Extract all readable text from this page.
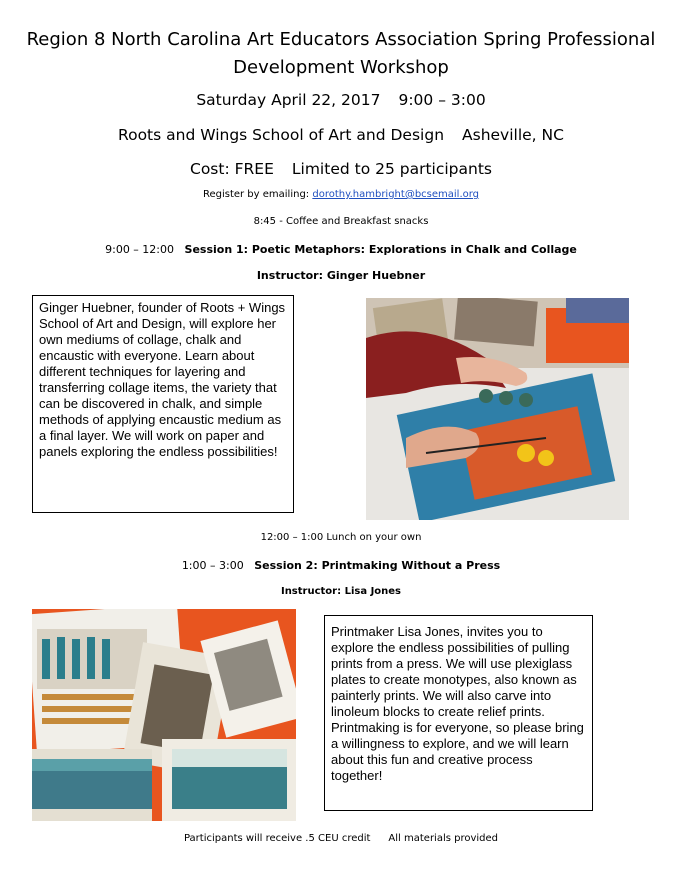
Region 8 North Carolina Art Educators Association Spring Professional Development Workshop
Saturday April 22, 2017 9:00 – 3:00
Roots and Wings School of Art and Design Asheville, NC
Cost: FREE Limited to 25 participants
Register by emailing: dorothy.hambright@bcsemail.org
8:45 - Coffee and Breakfast snacks
9:00 – 12:00 Session 1: Poetic Metaphors: Explorations in Chalk and Collage
Instructor: Ginger Huebner
Ginger Huebner, founder of Roots + Wings School of Art and Design, will explore her own mediums of collage, chalk and encaustic with everyone. Learn about different techniques for layering and transferring collage items, the variety that can be discovered in chalk, and simple methods of applying encaustic medium as a final layer. We will work on paper and panels exploring the endless possibilities!
12:00 – 1:00 Lunch on your own
1:00 – 3:00 Session 2: Printmaking Without a Press
Instructor: Lisa Jones
Printmaker Lisa Jones, invites you to explore the endless possibilities of pulling prints from a press. We will use plexiglass plates to create monotypes, also known as painterly prints. We will also carve into linoleum blocks to create relief prints. Printmaking is for everyone, so please bring a willingness to explore, and we will learn about this fun and creative process together!
Participants will receive .5 CEU credit All materials provided
